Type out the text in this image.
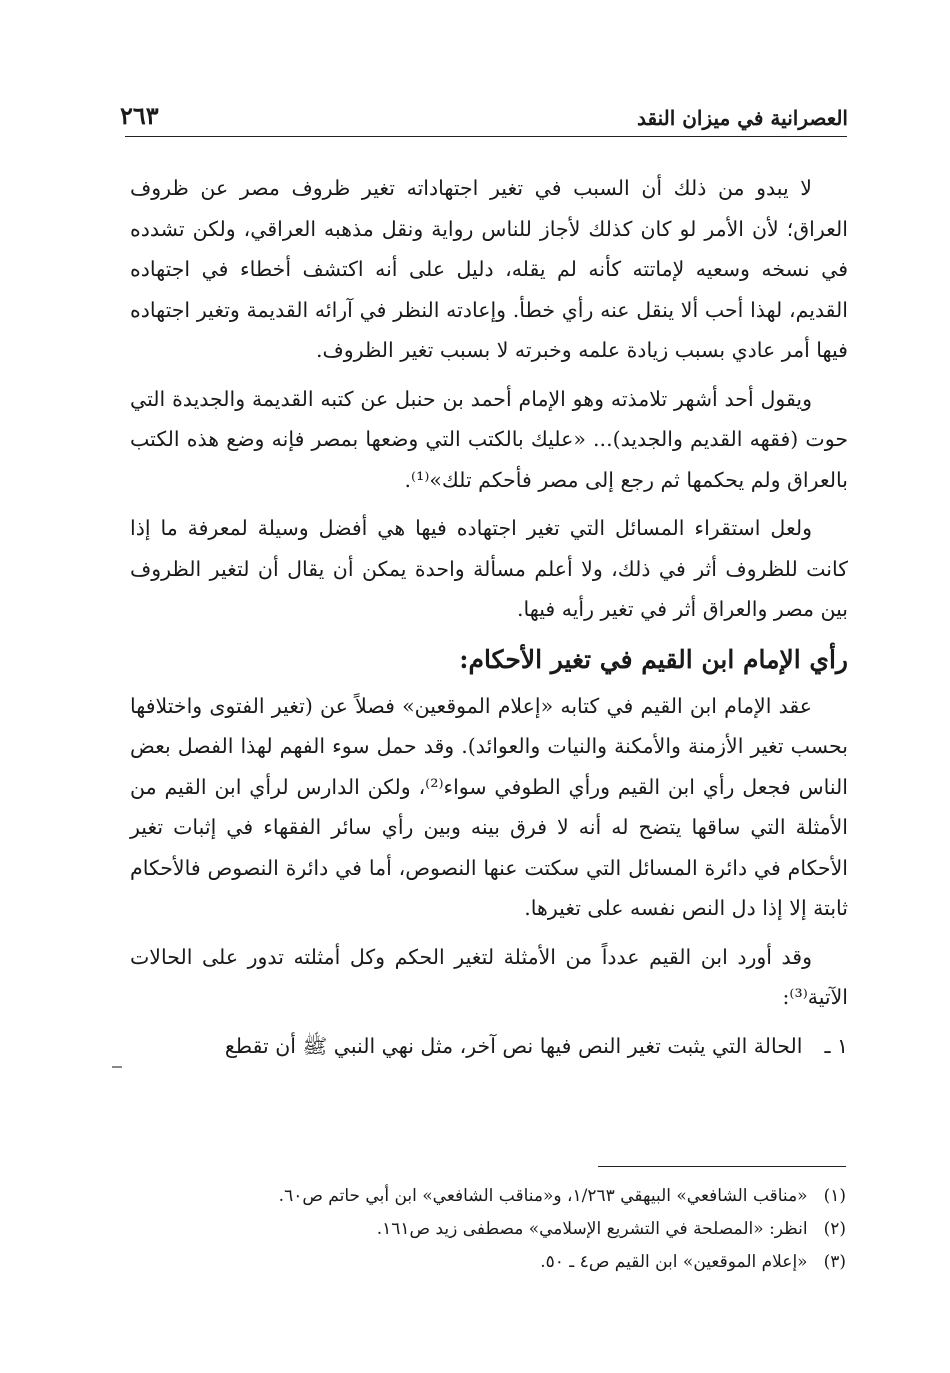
العصرانية في ميزان النقد
٢٦٣

لا يبدو من ذلك أن السبب في تغير اجتهاداته تغير ظروف مصر عن ظروف العراق؛ لأن الأمر لو كان كذلك لأجاز للناس رواية ونقل مذهبه العراقي، ولكن تشدده في نسخه وسعيه لإماتته كأنه لم يقله، دليل على أنه اكتشف أخطاء في اجتهاده القديم، لهذا أحب ألا ينقل عنه رأي خطأ. وإعادته النظر في آرائه القديمة وتغير اجتهاده فيها أمر عادي بسبب زيادة علمه وخبرته لا بسبب تغير الظروف.

ويقول أحد أشهر تلامذته وهو الإمام أحمد بن حنبل عن كتبه القديمة والجديدة التي حوت (فقهه القديم والجديد)... «عليك بالكتب التي وضعها بمصر فإنه وضع هذه الكتب بالعراق ولم يحكمها ثم رجع إلى مصر فأحكم تلك»⁽¹⁾.

ولعل استقراء المسائل التي تغير اجتهاده فيها هي أفضل وسيلة لمعرفة ما إذا كانت للظروف أثر في ذلك، ولا أعلم مسألة واحدة يمكن أن يقال أن لتغير الظروف بين مصر والعراق أثر في تغير رأيه فيها.

رأي الإمام ابن القيم في تغير الأحكام:

عقد الإمام ابن القيم في كتابه «إعلام الموقعين» فصلاً عن (تغير الفتوى واختلافها بحسب تغير الأزمنة والأمكنة والنيات والعوائد). وقد حمل سوء الفهم لهذا الفصل بعض الناس فجعل رأي ابن القيم ورأي الطوفي سواء⁽²⁾، ولكن الدارس لرأي ابن القيم من الأمثلة التي ساقها يتضح له أنه لا فرق بينه وبين رأي سائر الفقهاء في إثبات تغير الأحكام في دائرة المسائل التي سكتت عنها النصوص، أما في دائرة النصوص فالأحكام ثابتة إلا إذا دل النص نفسه على تغيرها.

وقد أورد ابن القيم عدداً من الأمثلة لتغير الحكم وكل أمثلته تدور على الحالات الآتية⁽³⁾:

١ ـ
الحالة التي يثبت تغير النص فيها نص آخر، مثل نهي النبي ﷺ أن تقطع
(١)
«مناقب الشافعي» البيهقي ١/٢٦٣، و«مناقب الشافعي» ابن أبي حاتم ص٦٠.
(٢)
انظر: «المصلحة في التشريع الإسلامي» مصطفى زيد ص١٦١.
(٣)
«إعلام الموقعين» ابن القيم ص٤ ـ ٥٠.
